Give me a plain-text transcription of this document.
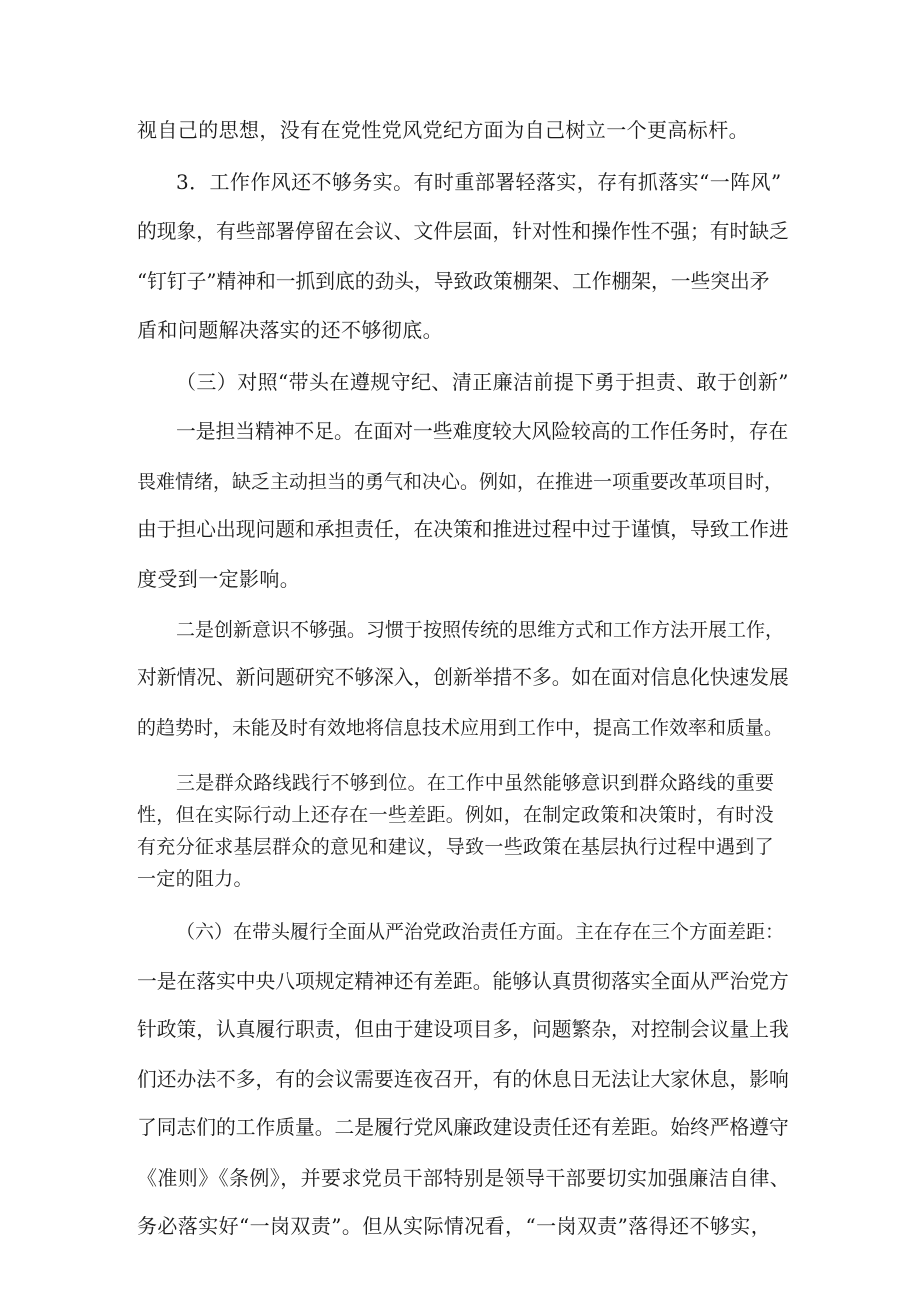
视自己的思想，没有在党性党风党纪方面为自己树立一个更高标杆。

3．工作作风还不够务实。有时重部署轻落实，存有抓落实“一阵风”

的现象，有些部署停留在会议、文件层面，针对性和操作性不强；有时缺乏

“钉钉子”精神和一抓到底的劲头，导致政策棚架、工作棚架，一些突出矛

盾和问题解决落实的还不够彻底。

（三）对照“带头在遵规守纪、清正廉洁前提下勇于担责、敢于创新”

一是担当精神不足。在面对一些难度较大风险较高的工作任务时，存在

畏难情绪，缺乏主动担当的勇气和决心。例如，在推进一项重要改革项目时，

由于担心出现问题和承担责任，在决策和推进过程中过于谨慎，导致工作进

度受到一定影响。

二是创新意识不够强。习惯于按照传统的思维方式和工作方法开展工作，

对新情况、新问题研究不够深入，创新举措不多。如在面对信息化快速发展

的趋势时，未能及时有效地将信息技术应用到工作中，提高工作效率和质量。

三是群众路线践行不够到位。在工作中虽然能够意识到群众路线的重要

性，但在实际行动上还存在一些差距。例如，在制定政策和决策时，有时没

有充分征求基层群众的意见和建议，导致一些政策在基层执行过程中遇到了

一定的阻力。

（六）在带头履行全面从严治党政治责任方面。主在存在三个方面差距：

一是在落实中央八项规定精神还有差距。能够认真贯彻落实全面从严治党方

针政策，认真履行职责，但由于建设项目多，问题繁杂，对控制会议量上我

们还办法不多，有的会议需要连夜召开，有的休息日无法让大家休息，影响

了同志们的工作质量。二是履行党风廉政建设责任还有差距。始终严格遵守

《准则》《条例》，并要求党员干部特别是领导干部要切实加强廉洁自律、

务必落实好“一岗双责”。但从实际情况看，“一岗双责”落得还不够实，
